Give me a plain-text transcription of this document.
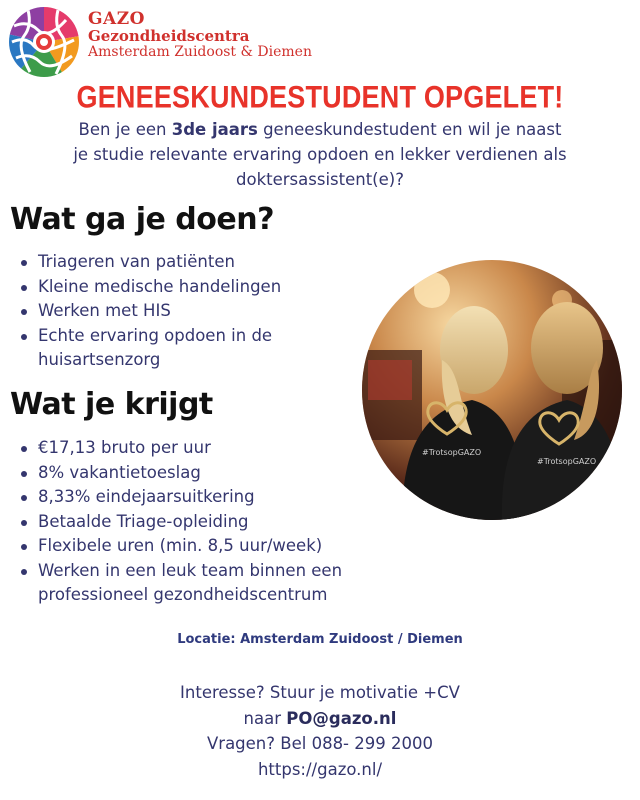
GAZO
Gezondheidscentra
Amsterdam Zuidoost & Diemen
GENEESKUNDESTUDENT OPGELET!

Ben je een 3de jaars geneeskundestudent en wil je naast je studie relevante ervaring opdoen en lekker verdienen als doktersassistent(e)?

Wat ga je doen?
Triageren van patiënten
Kleine medische handelingen
Werken met HIS
Echte ervaring opdoen in de huisartsenzorg
Wat je krijgt
€17,13 bruto per uur
8% vakantietoeslag
8,33% eindejaarsuitkering
Betaalde Triage-opleiding
Flexibele uren (min. 8,5 uur/week)
Werken in een leuk team binnen een professioneel gezondheidscentrum
#TrotsopGAZO
#TrotsopGAZO
Locatie: Amsterdam Zuidoost / Diemen
Interesse? Stuur je motivatie +CV
naar PO@gazo.nl
Vragen? Bel 088- 299 2000
https://gazo.nl/
